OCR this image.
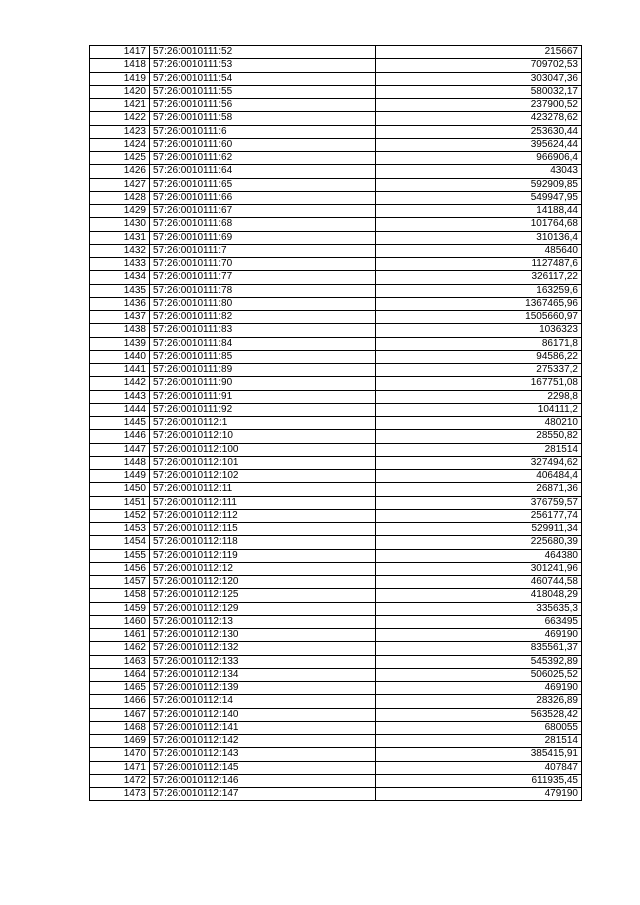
1417	57:26:0010111:52	215667
1418	57:26:0010111:53	709702,53
1419	57:26:0010111:54	303047,36
1420	57:26:0010111:55	580032,17
1421	57:26:0010111:56	237900,52
1422	57:26:0010111:58	423278,62
1423	57:26:0010111:6	253630,44
1424	57:26:0010111:60	395624,44
1425	57:26:0010111:62	966906,4
1426	57:26:0010111:64	43043
1427	57:26:0010111:65	592909,85
1428	57:26:0010111:66	549947,95
1429	57:26:0010111:67	14188,44
1430	57:26:0010111:68	101764,68
1431	57:26:0010111:69	310136,4
1432	57:26:0010111:7	485640
1433	57:26:0010111:70	1127487,6
1434	57:26:0010111:77	326117,22
1435	57:26:0010111:78	163259,6
1436	57:26:0010111:80	1367465,96
1437	57:26:0010111:82	1505660,97
1438	57:26:0010111:83	1036323
1439	57:26:0010111:84	86171,8
1440	57:26:0010111:85	94586,22
1441	57:26:0010111:89	275337,2
1442	57:26:0010111:90	167751,08
1443	57:26:0010111:91	2298,8
1444	57:26:0010111:92	104111,2
1445	57:26:0010112:1	480210
1446	57:26:0010112:10	28550,82
1447	57:26:0010112:100	281514
1448	57:26:0010112:101	327494,62
1449	57:26:0010112:102	406484,4
1450	57:26:0010112:11	26871,36
1451	57:26:0010112:111	376759,57
1452	57:26:0010112:112	256177,74
1453	57:26:0010112:115	529911,34
1454	57:26:0010112:118	225680,39
1455	57:26:0010112:119	464380
1456	57:26:0010112:12	301241,96
1457	57:26:0010112:120	460744,58
1458	57:26:0010112:125	418048,29
1459	57:26:0010112:129	335635,3
1460	57:26:0010112:13	663495
1461	57:26:0010112:130	469190
1462	57:26:0010112:132	835561,37
1463	57:26:0010112:133	545392,89
1464	57:26:0010112:134	506025,52
1465	57:26:0010112:139	469190
1466	57:26:0010112:14	28326,89
1467	57:26:0010112:140	563528,42
1468	57:26:0010112:141	680055
1469	57:26:0010112:142	281514
1470	57:26:0010112:143	385415,91
1471	57:26:0010112:145	407847
1472	57:26:0010112:146	611935,45
1473	57:26:0010112:147	479190
